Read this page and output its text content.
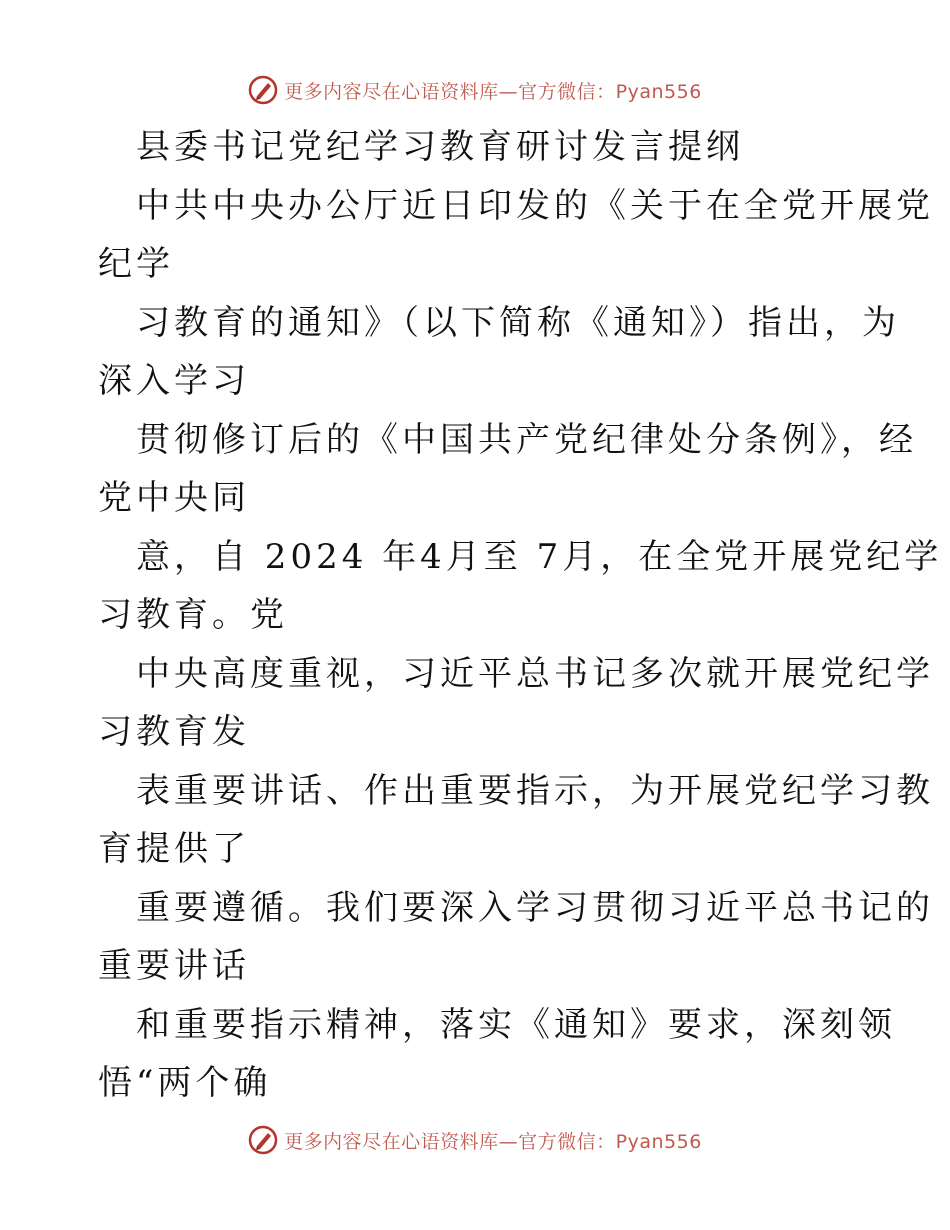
更多内容尽在心语资料库—官方微信：Pyan556
县委书记党纪学习教育研讨发言提纲
中共中央办公厅近日印发的《关于在全党开展党
纪学
习教育的通知》（以下简称《通知》）指出，为
深入学习
贯彻修订后的《中国共产党纪律处分条例》，经
党中央同
意，自 2024 年4月至 7月，在全党开展党纪学
习教育。党
中央高度重视，习近平总书记多次就开展党纪学
习教育发
表重要讲话、作出重要指示，为开展党纪学习教
育提供了
重要遵循。我们要深入学习贯彻习近平总书记的
重要讲话
和重要指示精神，落实《通知》要求，深刻领
悟“两个确
更多内容尽在心语资料库—官方微信：Pyan556
